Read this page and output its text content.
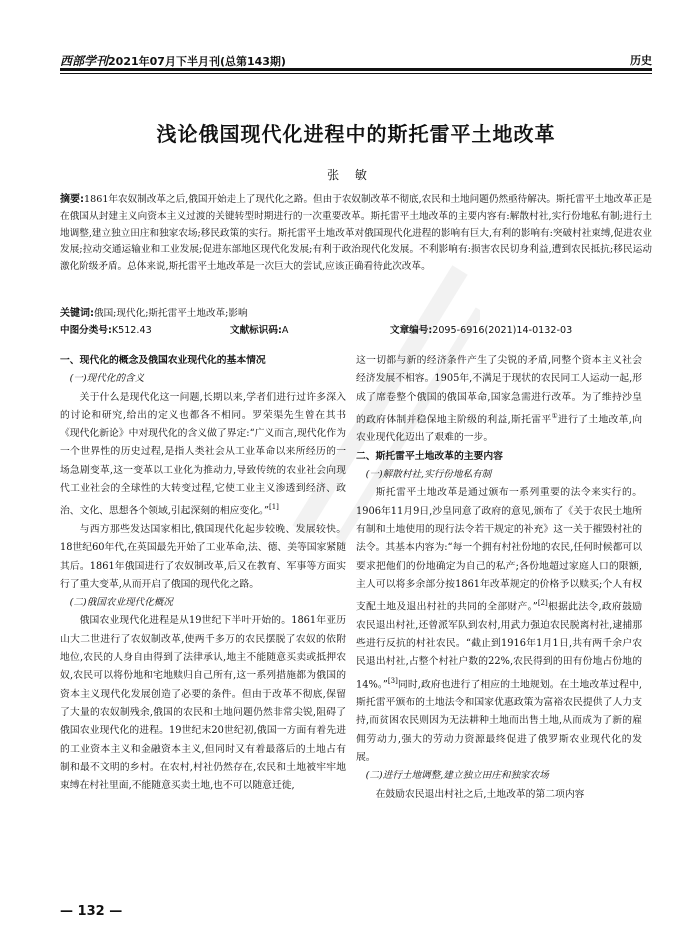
西部学刊2021年07月下半月刊(总第143期)	历史
浅论俄国现代化进程中的斯托雷平土地改革
张 敏
摘要:1861年农奴制改革之后,俄国开始走上了现代化之路。但由于农奴制改革不彻底,农民和土地问题仍然亟待解决。斯托雷平土地改革正是在俄国从封建主义向资本主义过渡的关键转型时期进行的一次重要改革。斯托雷平土地改革的主要内容有:解散村社,实行份地私有制;进行土地调整,建立独立田庄和独家农场;移民政策的实行。斯托雷平土地改革对俄国现代化进程的影响有巨大,有利的影响有:突破村社束缚,促进农业发展;拉动交通运输业和工业发展;促进东部地区现代化发展;有利于政治现代化发展。不利影响有:损害农民切身利益,遭到农民抵抗;移民运动激化阶级矛盾。总体来说,斯托雷平土地改革是一次巨大的尝试,应该正确看待此次改革。
关键词:俄国;现代化;斯托雷平土地改革;影响
中图分类号:K512.43	文献标识码:A	文章编号:2095-6916(2021)14-0132-03
一、现代化的概念及俄国农业现代化的基本情况
(一)现代化的含义

关于什么是现代化这一问题,长期以来,学者们进行过许多深入的讨论和研究,给出的定义也都各不相同。罗荣渠先生曾在其书《现代化新论》中对现代化的含义做了界定:“广义而言,现代化作为一个世界性的历史过程,是指人类社会从工业革命以来所经历的一场急剧变革,这一变革以工业化为推动力,导致传统的农业社会向现代工业社会的全球性的大转变过程,它使工业主义渗透到经济、政治、文化、思想各个领域,引起深刻的相应变化。”[1]

与西方那些发达国家相比,俄国现代化起步较晚、发展较快。18世纪60年代,在英国最先开始了工业革命,法、德、美等国家紧随其后。1861年俄国进行了农奴制改革,后又在教育、军事等方面实行了重大变革,从而开启了俄国的现代化之路。

(二)俄国农业现代化概况

俄国农业现代化进程是从19世纪下半叶开始的。1861年亚历山大二世进行了农奴制改革,使两千多万的农民摆脱了农奴的依附地位,农民的人身自由得到了法律承认,地主不能随意买卖或抵押农奴,农民可以将份地和宅地赎归自己所有,这一系列措施都为俄国的资本主义现代化发展创造了必要的条件。但由于改革不彻底,保留了大量的农奴制残余,俄国的农民和土地问题仍然非常尖锐,阻碍了俄国农业现代化的进程。19世纪末20世纪初,俄国一方面有着先进的工业资本主义和金融资本主义,但同时又有着最落后的土地占有制和最不文明的乡村。在农村,村社仍然存在,农民和土地被牢牢地束缚在村社里面,不能随意买卖土地,也不可以随意迁徙,

这一切都与新的经济条件产生了尖锐的矛盾,同整个资本主义社会经济发展不相容。1905年,不满足于现状的农民同工人运动一起,形成了席卷整个俄国的俄国革命,国家急需进行改革。为了维持沙皇的政府体制并稳保地主阶级的利益,斯托雷平①进行了土地改革,向农业现代化迈出了艰难的一步。

二、斯托雷平土地改革的主要内容
(一)解散村社,实行份地私有制

斯托雷平土地改革是通过颁布一系列重要的法令来实行的。1906年11月9日,沙皇同意了政府的意见,颁布了《关于农民土地所有制和土地使用的现行法令若干规定的补充》这一关于摧毁村社的法令。其基本内容为:“每一个拥有村社份地的农民,任何时候都可以要求把他们的份地确定为自己的私产;各份地超过家庭人口的限额,主人可以将多余部分按1861年改革规定的价格予以赎买;个人有权支配土地及退出村社的共同的全部财产。”[2]根据此法令,政府鼓励农民退出村社,还曾派军队到农村,用武力强迫农民脱离村社,逮捕那些进行反抗的村社农民。“截止到1916年1月1日,共有两千余户农民退出村社,占整个村社户数的22%,农民得到的田有份地占份地的14%。”[3]同时,政府也进行了相应的土地规划。在土地改革过程中,斯托雷平颁布的土地法令和国家优惠政策为富裕农民提供了人力支持,而贫困农民则因为无法耕种土地而出售土地,从而成为了新的雇佣劳动力,强大的劳动力资源最终促进了俄罗斯农业现代化的发展。

(二)进行土地调整,建立独立田庄和独家农场

在鼓励农民退出村社之后,土地改革的第二项内容

— 132 —
